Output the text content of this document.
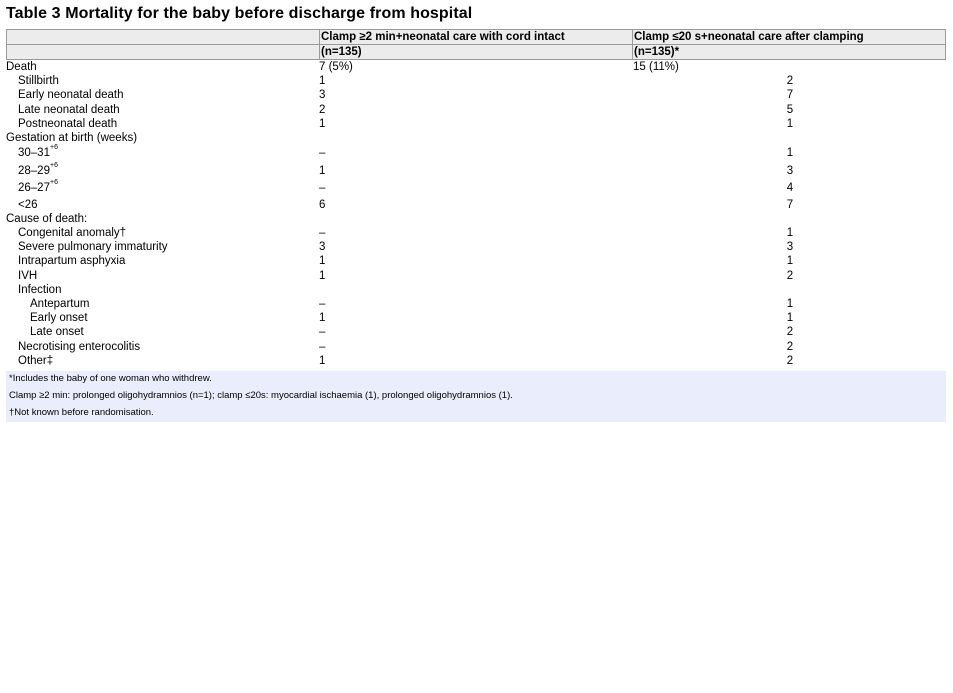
Table 3 Mortality for the baby before discharge from hospital
	Clamp ≥2 min+neonatal care with cord intact	Clamp ≤20 s+neonatal care after clamping
	(n=135)	(n=135)*
Death	7 (5%)	15 (11%)
Stillbirth	1	2
Early neonatal death	3	7
Late neonatal death	2	5
Postneonatal death	1	1
Gestation at birth (weeks)
$30-31^{+6}$	–	1
$28-29^{+6}$	1	3
$26-27^{+6}$	–	4
<26	6	7
Cause of death:
Congenital anomaly†	–	1
Severe pulmonary immaturity	3	3
Intrapartum asphyxia	1	1
IVH	1	2
Infection
Antepartum	–	1
Early onset	1	1
Late onset	–	2
Necrotising enterocolitis	–	2
Other‡	1	2
*Includes the baby of one woman who withdrew.
Clamp ≥2 min: prolonged oligohydramnios (n=1); clamp ≤20s: myocardial ischaemia (1), prolonged oligohydramnios (1).
†Not known before randomisation.
